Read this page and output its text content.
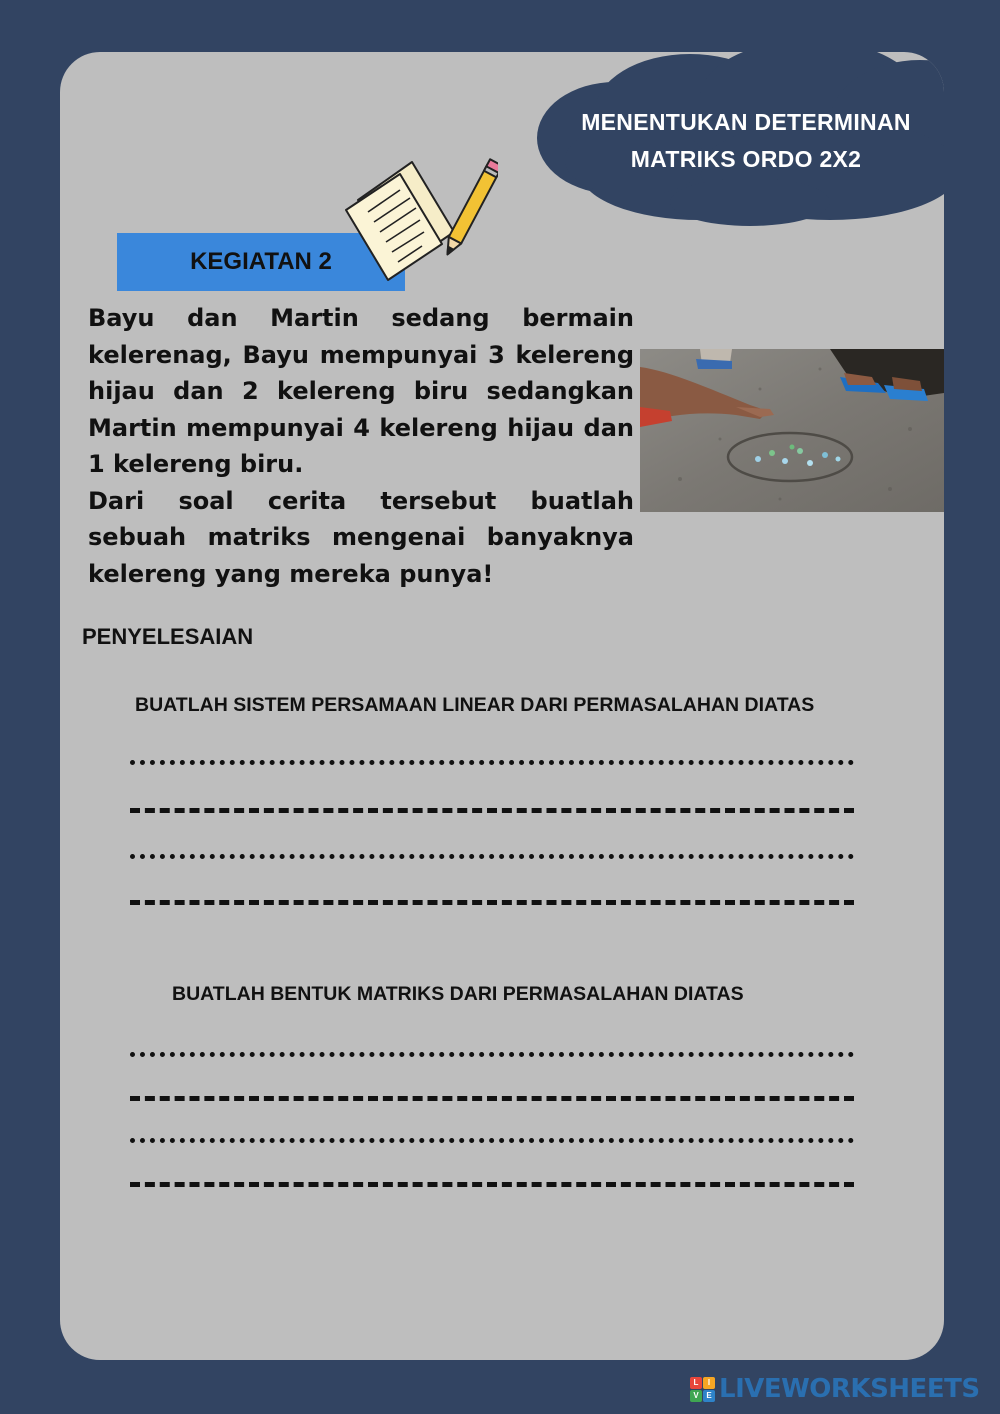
MENENTUKAN DETERMINAN
MATRIKS ORDO 2X2
KEGIATAN 2

Bayu dan Martin sedang bermain kelerenag, Bayu mempunyai 3 kelereng hijau dan 2 kelereng biru sedangkan Martin mempunyai 4 kelereng hijau dan 1 kelereng biru.

Dari soal cerita tersebut buatlah sebuah matriks mengenai banyaknya kelereng yang mereka punya!

PENYELESAIAN
BUATLAH SISTEM PERSAMAAN LINEAR DARI PERMASALAHAN DIATAS
BUATLAH BENTUK MATRIKS DARI PERMASALAHAN DIATAS
L	I
V E LIVEWORKSHEETS
